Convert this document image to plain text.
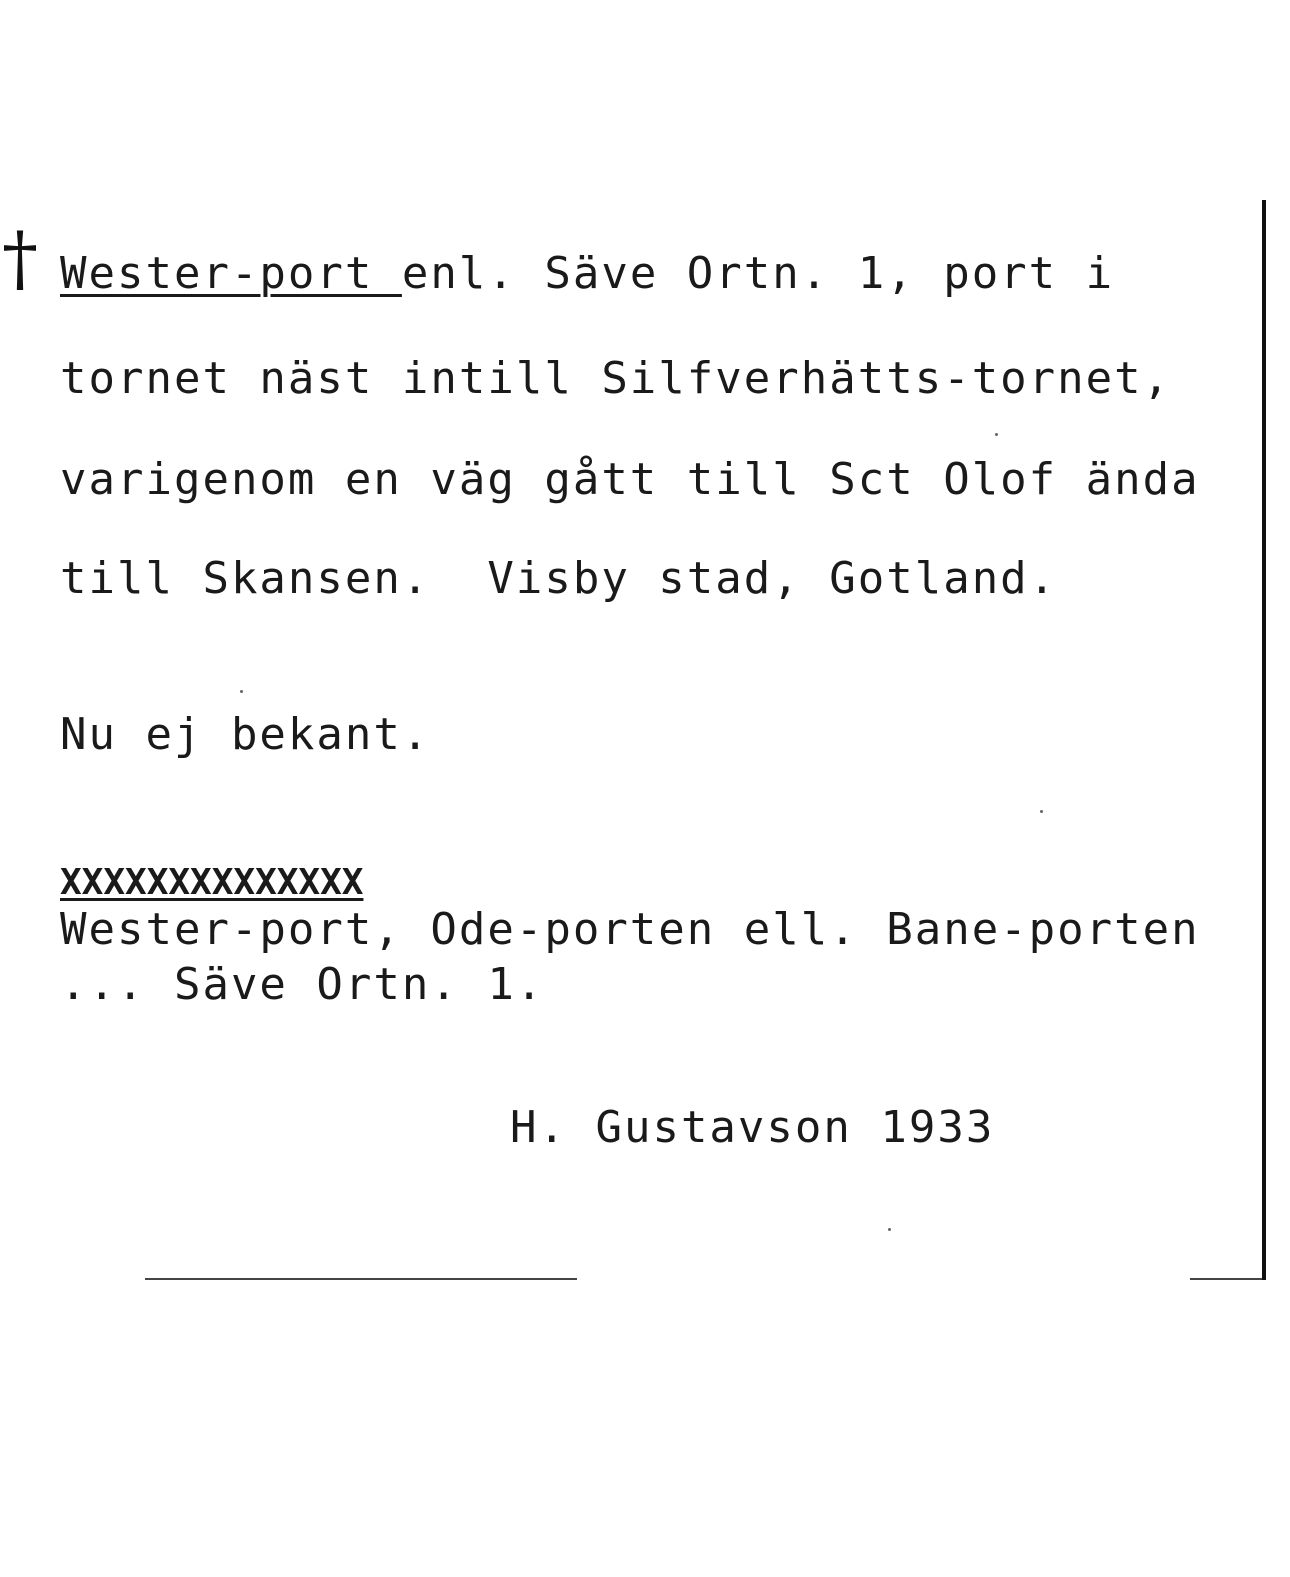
† Wester-port enl. Säve Ortn. 1, port i
tornet näst intill Silfverhätts-tornet,
varigenom en väg gått till Sct Olof ända
till Skansen.  Visby stad, Gotland.
Nu ej bekant.
XXXXXXXXXXXXXX
Wester-port, Ode-porten ell. Bane-porten
... Säve Ortn. 1.
H. Gustavson 1933
